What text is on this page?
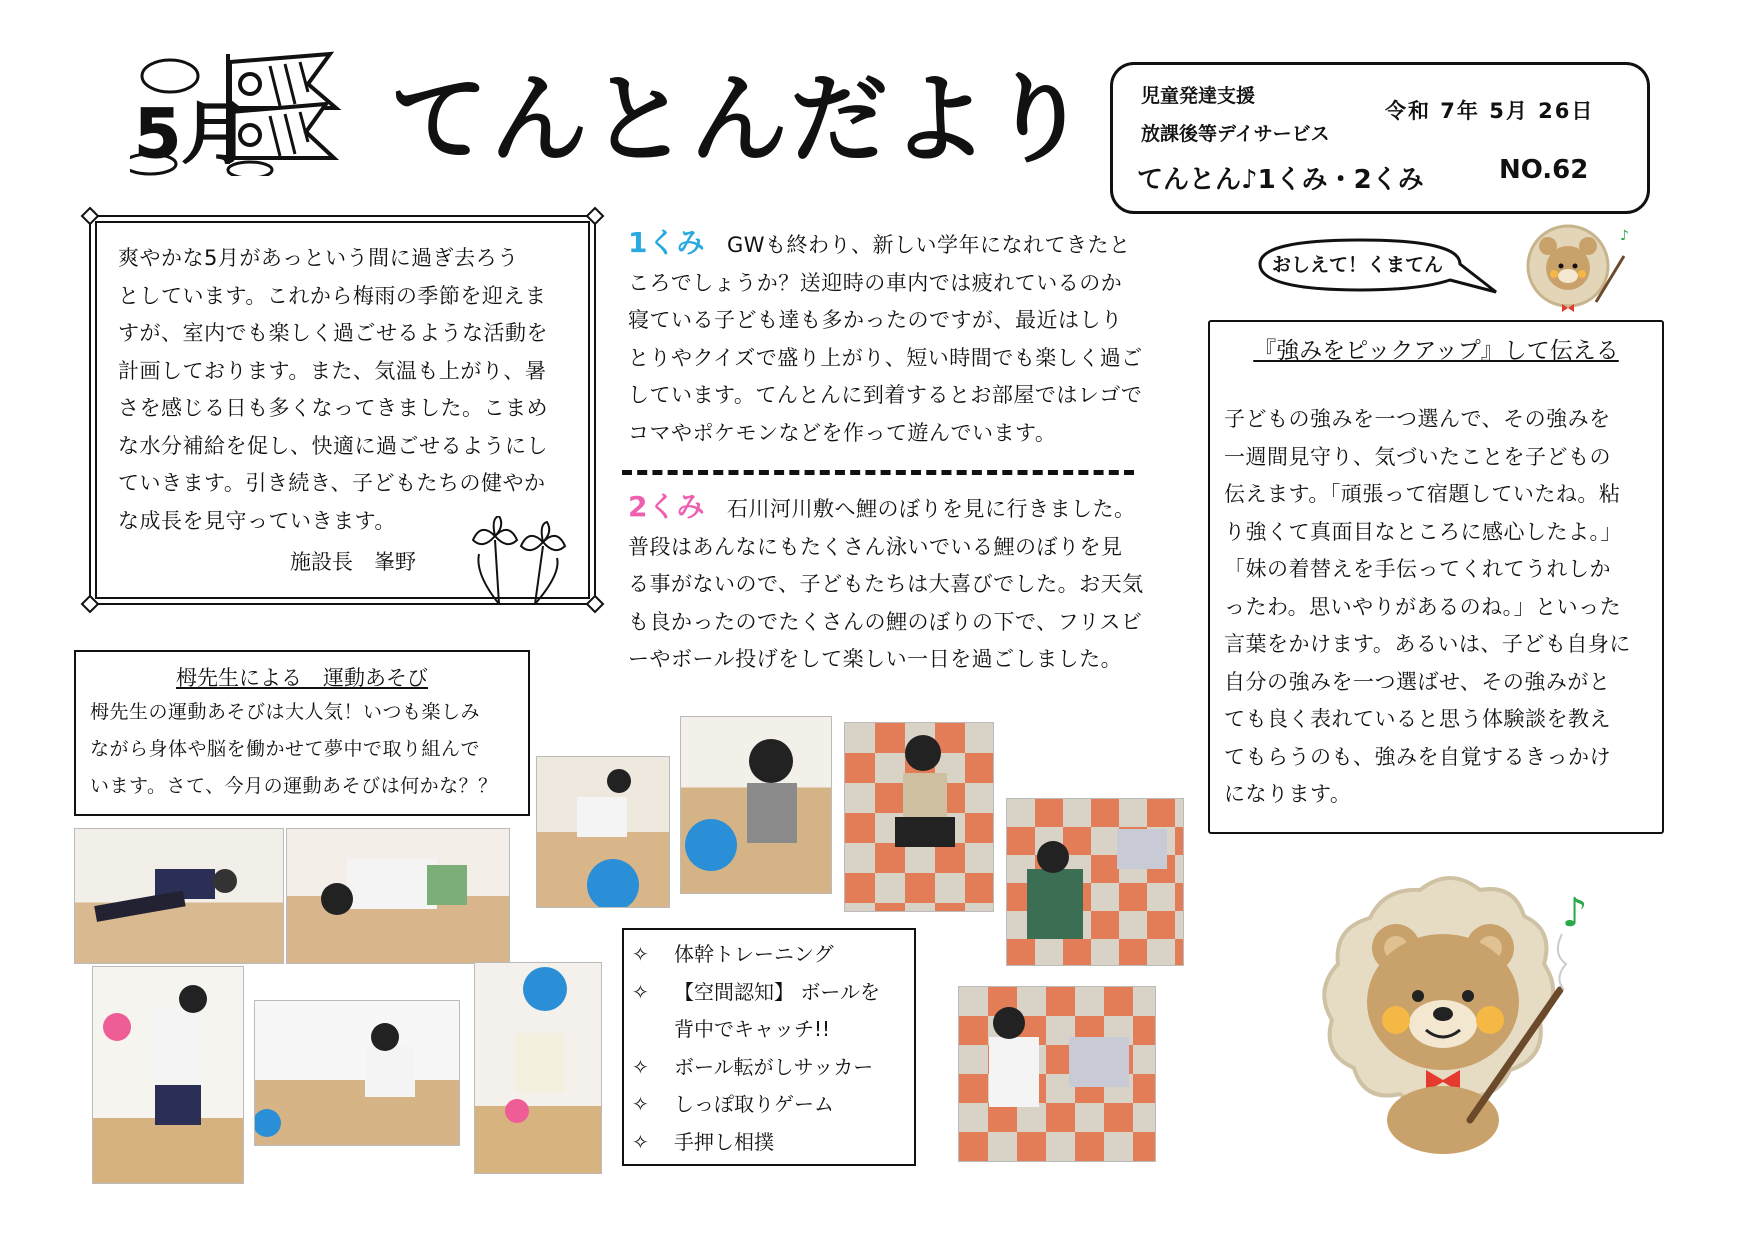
5月 てんとんだより	児童発達支援
放課後等デイサービス
令和 7年 5月 26日
てんとん♪1くみ・2くみ	NO.62
爽やかな5月があっという間に過ぎ去ろう
としています。これから梅雨の季節を迎えま
すが、室内でも楽しく過ごせるような活動を
計画しております。また、気温も上がり、暑
さを感じる日も多くなってきました。こまめ
な水分補給を促し、快適に過ごせるようにし
ていきます。引き続き、子どもたちの健やか
な成長を見守っていきます。
施設長　峯野
1くみ GWも終わり、新しい学年になれてきたと
ころでしょうか？送迎時の車内では疲れているのか
寝ている子ども達も多かったのですが、最近はしり
とりやクイズで盛り上がり、短い時間でも楽しく過ご
しています。てんとんに到着するとお部屋ではレゴで
コマやポケモンなどを作って遊んでいます。
2くみ 石川河川敷へ鯉のぼりを見に行きました。
普段はあんなにもたくさん泳いでいる鯉のぼりを見
る事がないので、子どもたちは大喜びでした。お天気
も良かったのでたくさんの鯉のぼりの下で、フリスビ
ーやボール投げをして楽しい一日を過ごしました。
栂先生による　運動あそび
栂先生の運動あそびは大人気！いつも楽しみ
ながら身体や脳を働かせて夢中で取り組んで
います。さて、今月の運動あそびは何かな？？
✧ 体幹トレーニング
✧ 【空間認知】 ボールを
背中でキャッチ!!
✧ ボール転がしサッカー
✧ しっぽ取りゲーム
✧ 手押し相撲
おしえて！くまてん
♪
『強みをピックアップ』して伝える
子どもの強みを一つ選んで、その強みを
一週間見守り、気づいたことを子どもの
伝えます。「頑張って宿題していたね。粘
り強くて真面目なところに感心したよ。」
「妹の着替えを手伝ってくれてうれしか
ったわ。思いやりがあるのね。」といった
言葉をかけます。あるいは、子ども自身に
自分の強みを一つ選ばせ、その強みがと
ても良く表れていると思う体験談を教え
てもらうのも、強みを自覚するきっかけ
になります。
♪
